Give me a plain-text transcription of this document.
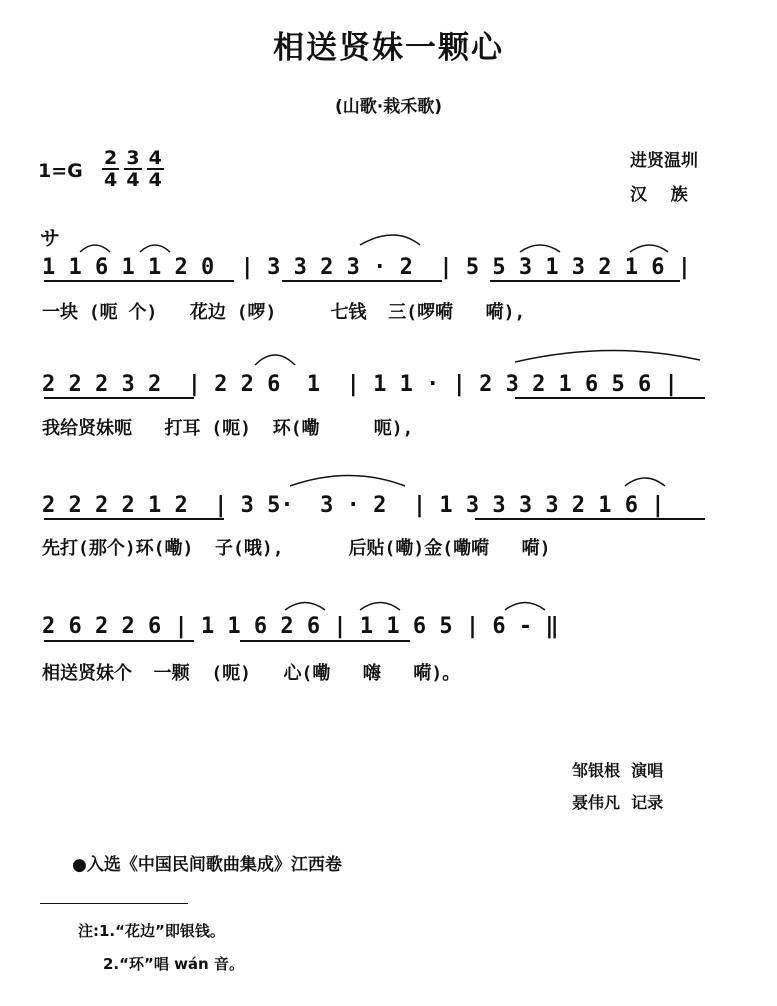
相送贤妹一颗心
(山歌·栽禾歌)
$1=G \frac{2}{4}$
$\frac{3}{4}$
$\frac{4}{4}$	进贤温圳
汉    族
サ
1 1 6 1 1 2 0  | 3 3 2 3 · 2  | 5 5 3 1 3 2 1 6 |
一块 (呃 个)   花边 (啰)     七钱  三(啰嗬   嗬),
2 2 2 3 2  | 2 2 6  1  | 1 1 · | 2 3 2 1 6 5 6 |
我给贤妹呃   打耳 (呃)  环(嘞     呃),
2 2 2 2 1 2  | 3 5·  3 · 2  | 1 3 3 3 3 2 1 6 |
先打(那个)环(嘞)  子(哦),      后贴(嘞)金(嘞嗬   嗬)
2 6 2 2 6 | 1 1 6 2 6 | 1 1 6 5 | 6 - ‖
相送贤妹个  一颗  (呃)   心(嘞   嗨   嗬)。
邹银根 演唱
聂伟凡 记录
●入选《中国民间歌曲集成》江西卷
注:1.“花边”即银钱。
2.“环”唱 wán 音。
